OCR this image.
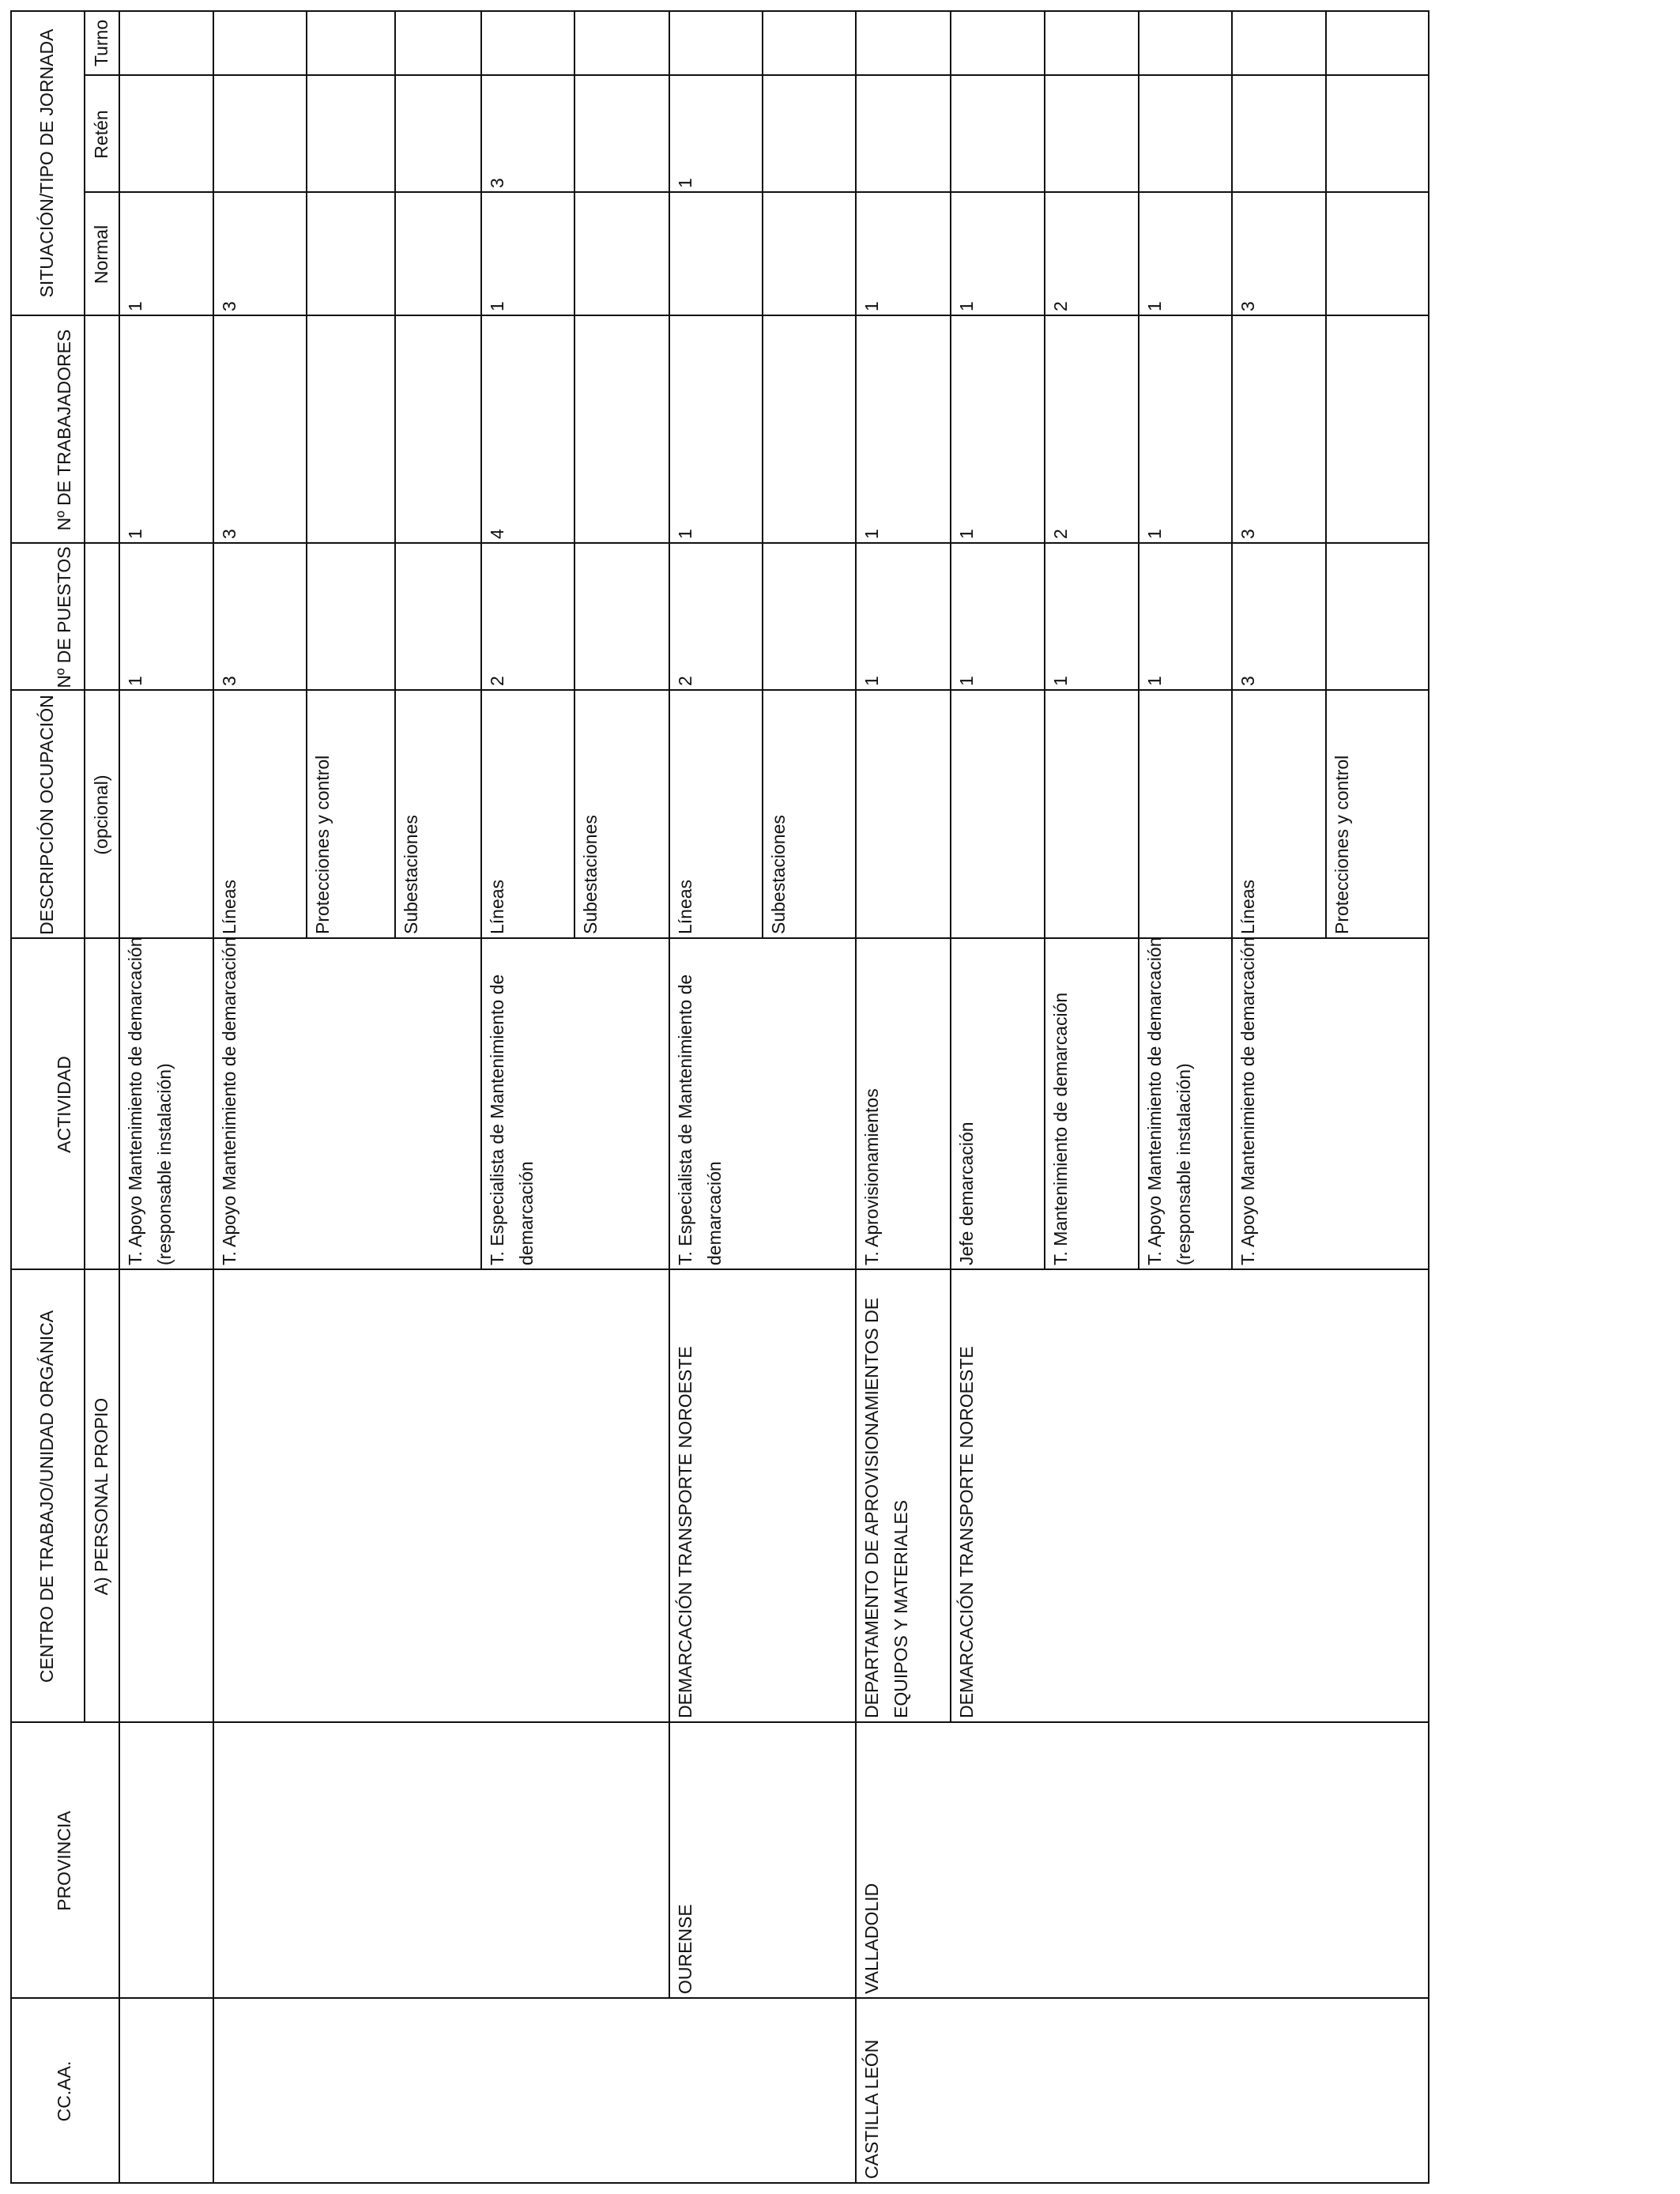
CC.AA.
PROVINCIA
CENTRO DE TRABAJO/UNIDAD ORGÁNICA A) PERSONAL PROPIO
ACTIVIDAD
DESCRIPCIÓN OCUPACIÓN (opcional)
Nº DE PUESTOS
Nº DE TRABAJADORES
SITUACIÓN/TIPO DE JORNADA Normal
Retén
Turno
T. Apoyo Mantenimiento de demarcación (responsable instalación)
1
1
1
T. Apoyo Mantenimiento de demarcación
Líneas
3
3
3
Protecciones y control	Subestaciones
T. Especialista de Mantenimiento de demarcación
Líneas
2
4
1
3
Subestaciones
OURENSE
DEMARCACIÓN TRANSPORTE NOROESTE
T. Especialista de Mantenimiento de demarcación
Líneas
2
1
1
Subestaciones
CASTILLA LEÓN
VALLADOLID
DEPARTAMENTO DE APROVISIONAMIENTOS DE EQUIPOS Y MATERIALES
T. Aprovisionamientos
1
1
1
DEMARCACIÓN TRANSPORTE NOROESTE
Jefe demarcación
1
1
1
T. Mantenimiento de demarcación
1
2
2
T. Apoyo Mantenimiento de demarcación (responsable instalación)
1
1
1
T. Apoyo Mantenimiento de demarcación
Líneas
3
3
3
Protecciones y control
